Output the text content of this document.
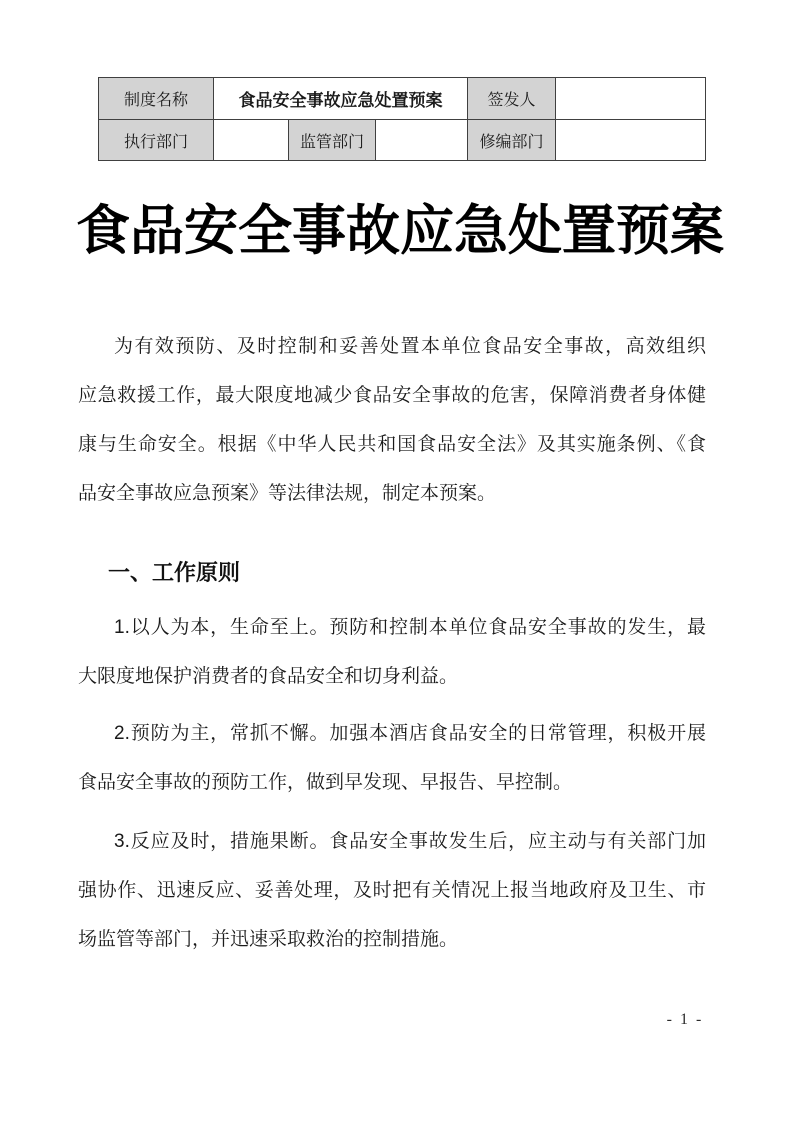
制度名称	食品安全事故应急处置预案			签发人	
执行部门		监管部门		修编部门	
食品安全事故应急处置预案
为有效预防、及时控制和妥善处置本单位食品安全事故，高效组织
应急救援工作，最大限度地减少食品安全事故的危害，保障消费者身体健
康与生命安全。根据《中华人民共和国食品安全法》及其实施条例、《食
品安全事故应急预案》等法律法规，制定本预案。
一、工作原则
1.以人为本，生命至上。预防和控制本单位食品安全事故的发生，最
大限度地保护消费者的食品安全和切身利益。
2.预防为主，常抓不懈。加强本酒店食品安全的日常管理，积极开展
食品安全事故的预防工作，做到早发现、早报告、早控制。
3.反应及时，措施果断。食品安全事故发生后，应主动与有关部门加
强协作、迅速反应、妥善处理，及时把有关情况上报当地政府及卫生、市
场监管等部门，并迅速采取救治的控制措施。
- 1 -
